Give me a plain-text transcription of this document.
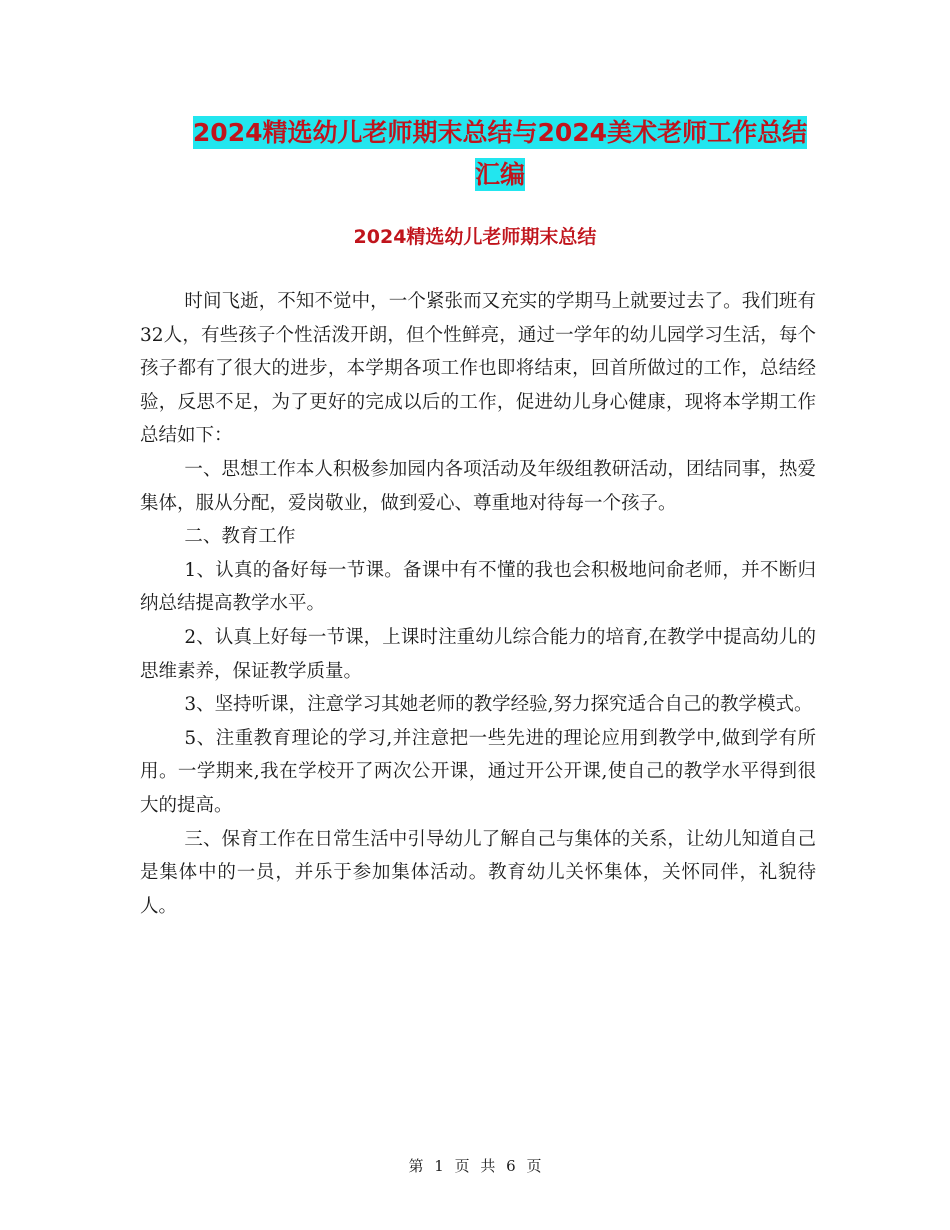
2024精选幼儿老师期末总结与2024美术老师工作总结
汇编
2024精选幼儿老师期末总结

时间飞逝，不知不觉中，一个紧张而又充实的学期马上就要过去了。我们班有32人，有些孩子个性活泼开朗，但个性鲜亮，通过一学年的幼儿园学习生活，每个孩子都有了很大的进步，本学期各项工作也即将结束，回首所做过的工作，总结经验，反思不足，为了更好的完成以后的工作，促进幼儿身心健康，现将本学期工作总结如下：

一、思想工作本人积极参加园内各项活动及年级组教研活动，团结同事，热爱集体，服从分配，爱岗敬业，做到爱心、尊重地对待每一个孩子。

二、教育工作

1、认真的备好每一节课。备课中有不懂的我也会积极地问俞老师，并不断归纳总结提高教学水平。

2、认真上好每一节课，上课时注重幼儿综合能力的培育,在教学中提高幼儿的思维素养，保证教学质量。

3、坚持听课，注意学习其她老师的教学经验,努力探究适合自己的教学模式。

5、注重教育理论的学习,并注意把一些先进的理论应用到教学中,做到学有所用。一学期来,我在学校开了两次公开课，通过开公开课,使自己的教学水平得到很大的提高。

三、保育工作在日常生活中引导幼儿了解自己与集体的关系，让幼儿知道自己是集体中的一员，并乐于参加集体活动。教育幼儿关怀集体，关怀同伴，礼貌待人。

第 1 页 共 6 页
